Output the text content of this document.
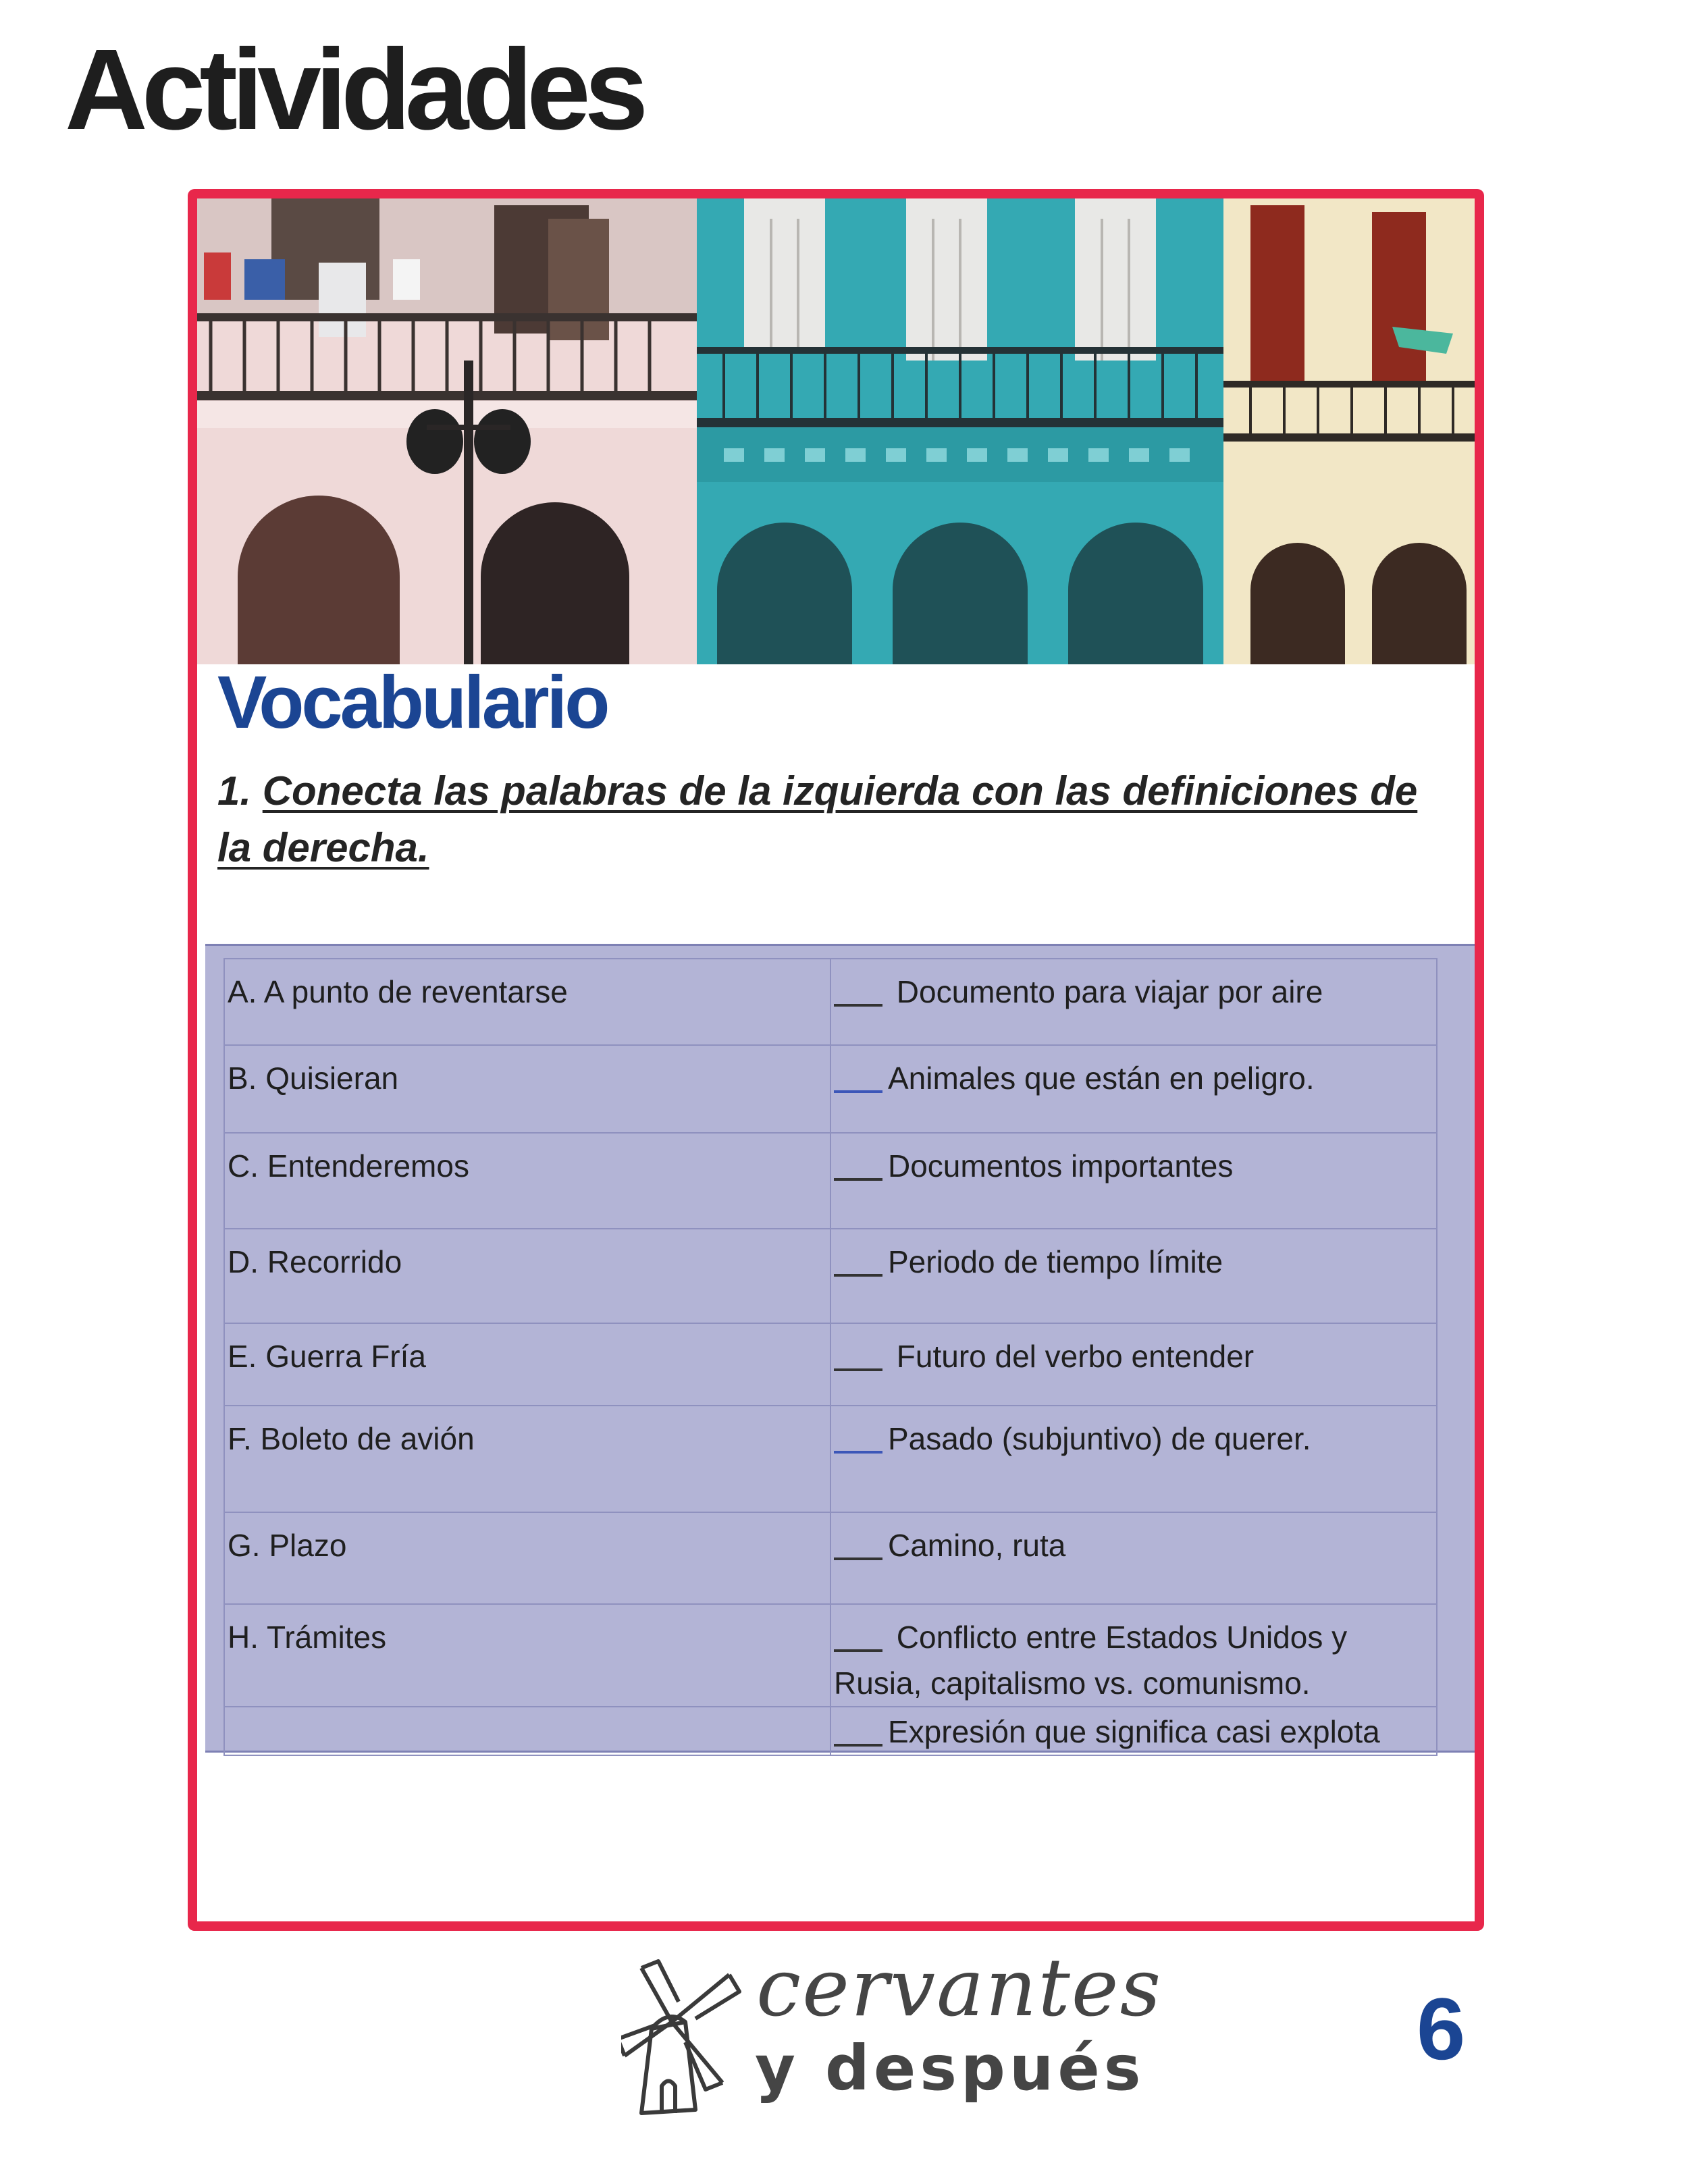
Actividades
Vocabulario

1. Conecta las palabras de la izquierda con las definiciones de la derecha.

A. A punto de reventarse	Documento para viajar por aire
B. Quisieran	Animales que están en peligro.
C. Entenderemos	Documentos importantes
D. Recorrido	Periodo de tiempo límite
E. Guerra Fría	Futuro del verbo entender
F. Boleto de avión	Pasado (subjuntivo) de querer.
G. Plazo	Camino, ruta
H. Trámites	Conflicto entre Estados Unidos y Rusia, capitalismo vs. comunismo.
	Expresión que significa casi explota

cervantes

y después	6
